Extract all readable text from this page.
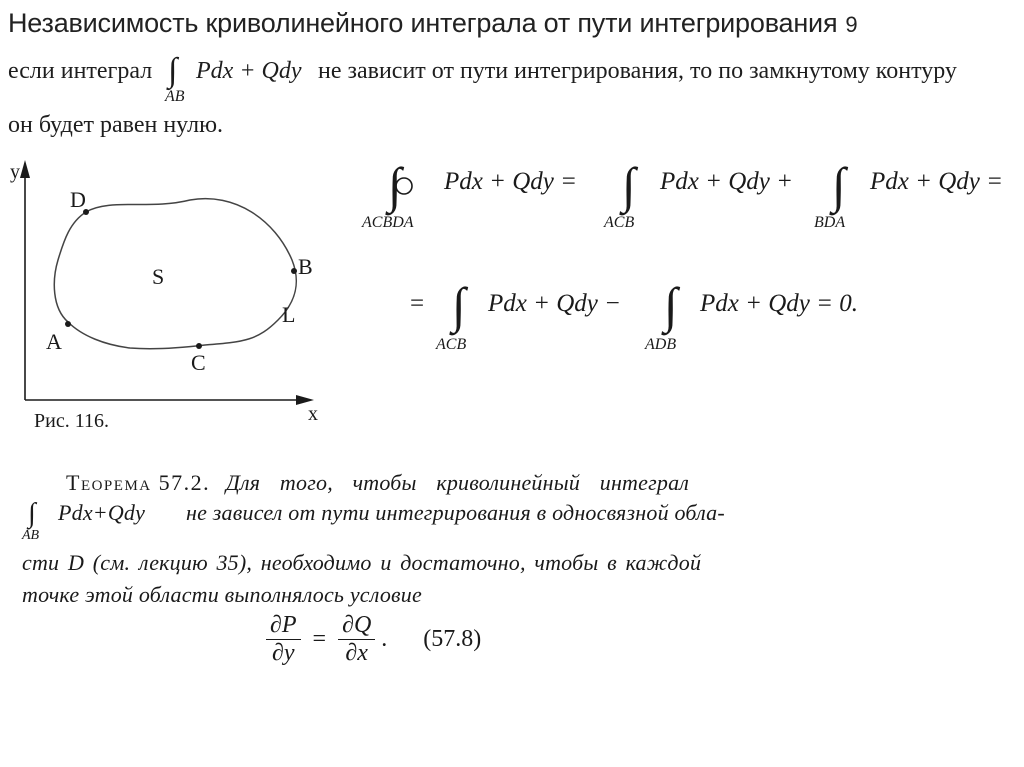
Независимость криволинейного интеграла от пути интегрирования 9
если интеграл ∫
AB
Pdx + Qdy не зависит от пути интегрирования, то по замкнутому контуру
он будет равен нулю.
y
x
D
B
A
C
S
L
Рис. 116.
∫
ACBDA
Pdx + Qdy = ∫
ACB
Pdx + Qdy + ∫
BDA
Pdx + Qdy =
= ∫
ACB
Pdx + Qdy − ∫
ADB
Pdx + Qdy = 0.
Теорема 57.2. Для того, чтобы криволинейный интеграл
∫
AB
Pdx+Qdy не зависел от пути интегрирования в односвязной обла-
сти D (см. лекцию 35), необходимо и достаточно, чтобы в каждой
точке этой области выполнялось условие
$\frac{\partial P}{\partial y} = \frac{\partial Q}{\partial x}$ . (57.8)
